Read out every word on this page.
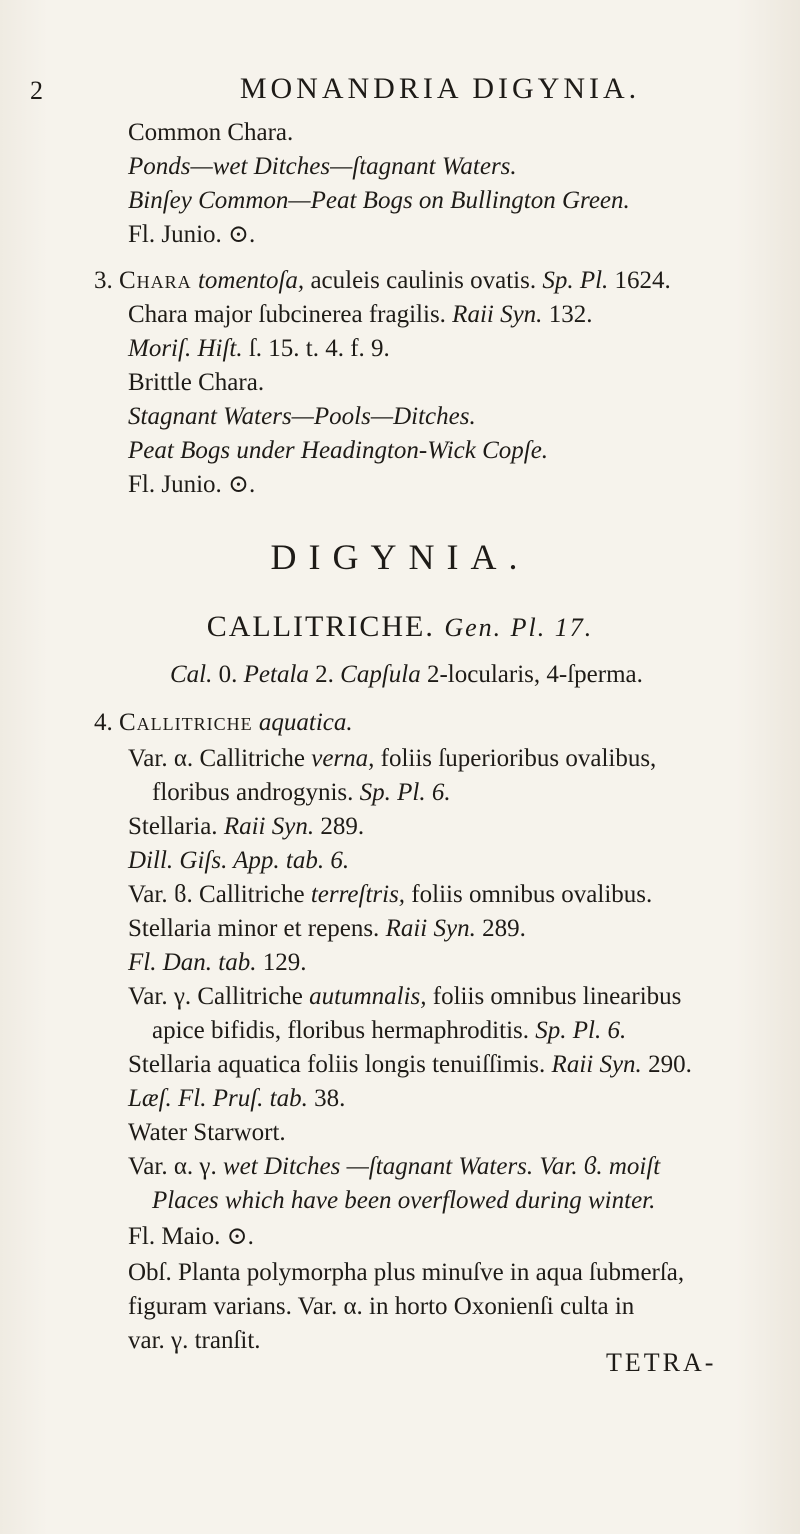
2	MONANDRIA DIGYNIA.
Common Chara.
Ponds—wet Ditches—ſtagnant Waters.
Binſey Common—Peat Bogs on Bullington Green.
Fl. Junio. ⊙.
3. Chara tomentoſa, aculeis caulinis ovatis. Sp. Pl. 1624.
Chara major ſubcinerea fragilis. Raii Syn. 132.
Moriſ. Hiſt. ſ. 15. t. 4. f. 9.
Brittle Chara.
Stagnant Waters—Pools—Ditches.
Peat Bogs under Headington-Wick Copſe.
Fl. Junio. ⊙.
DIGYNIA.
CALLITRICHE. Gen. Pl. 17.
Cal. 0. Petala 2. Capſula 2-locularis, 4-ſperma.
4. Callitriche aquatica.
Var. α. Callitriche verna, foliis ſuperioribus ovalibus,
floribus androgynis. Sp. Pl. 6.
Stellaria. Raii Syn. 289.
Dill. Giſs. App. tab. 6.
Var. ϐ. Callitriche terreſtris, foliis omnibus ovalibus.
Stellaria minor et repens. Raii Syn. 289.
Fl. Dan. tab. 129.
Var. γ. Callitriche autumnalis, foliis omnibus linearibus
apice bifidis, floribus hermaphroditis. Sp. Pl. 6.
Stellaria aquatica foliis longis tenuiſſimis. Raii Syn. 290.
Læſ. Fl. Pruſ. tab. 38.
Water Starwort.
Var. α. γ. wet Ditches —ſtagnant Waters. Var. ϐ. moiſt
Places which have been overflowed during winter.
Fl. Maio. ⊙.
Obſ. Planta polymorpha plus minuſve in aqua ſubmerſa,
figuram varians. Var. α. in horto Oxonienſi culta in
var. γ. tranſit.
TETRA-
